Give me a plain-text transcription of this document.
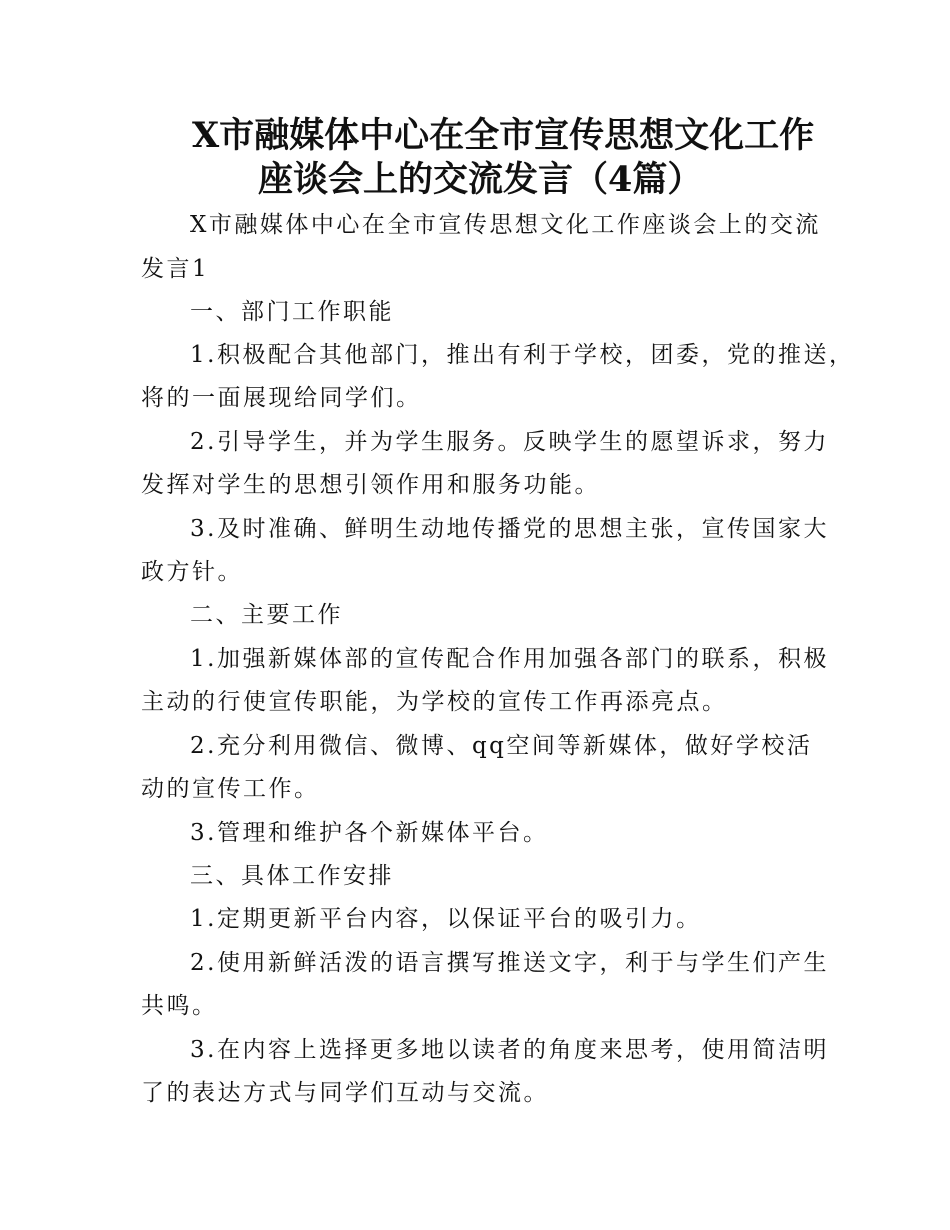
X市融媒体中心在全市宣传思想文化工作
座谈会上的交流发言（4篇）
X市融媒体中心在全市宣传思想文化工作座谈会上的交流
发言1
一、部门工作职能
1.积极配合其他部门，推出有利于学校，团委，党的推送，
将的一面展现给同学们。
2.引导学生，并为学生服务。反映学生的愿望诉求，努力
发挥对学生的思想引领作用和服务功能。
3.及时准确、鲜明生动地传播党的思想主张，宣传国家大
政方针。
二、主要工作
1.加强新媒体部的宣传配合作用加强各部门的联系，积极
主动的行使宣传职能，为学校的宣传工作再添亮点。
2.充分利用微信、微博、qq空间等新媒体，做好学校活
动的宣传工作。
3.管理和维护各个新媒体平台。
三、具体工作安排
1.定期更新平台内容，以保证平台的吸引力。
2.使用新鲜活泼的语言撰写推送文字，利于与学生们产生
共鸣。
3.在内容上选择更多地以读者的角度来思考，使用简洁明
了的表达方式与同学们互动与交流。
